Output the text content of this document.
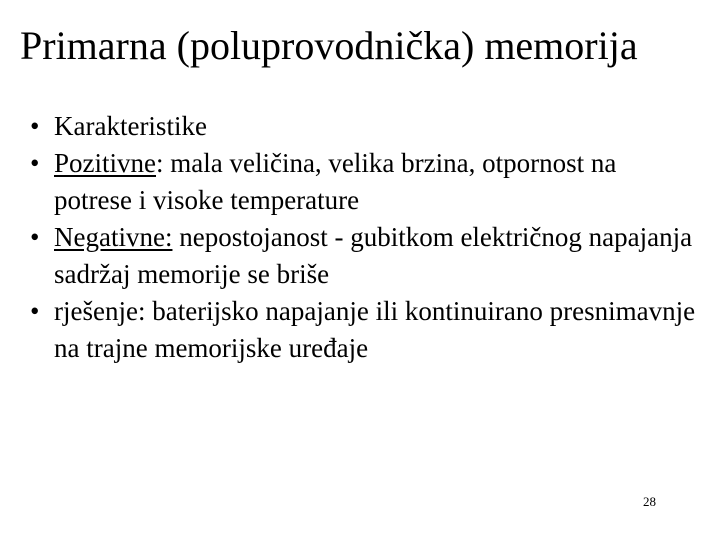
Primarna (poluprovodnička) memorija
• Karakteristike
• Pozitivne: mala veličina, velika brzina, otpornost na potrese i visoke temperature
• Negativne: nepostojanost - gubitkom električnog napajanja sadržaj memorije se briše
• rješenje: baterijsko napajanje ili kontinuirano presnimavnje na trajne memorijske uređaje
28
